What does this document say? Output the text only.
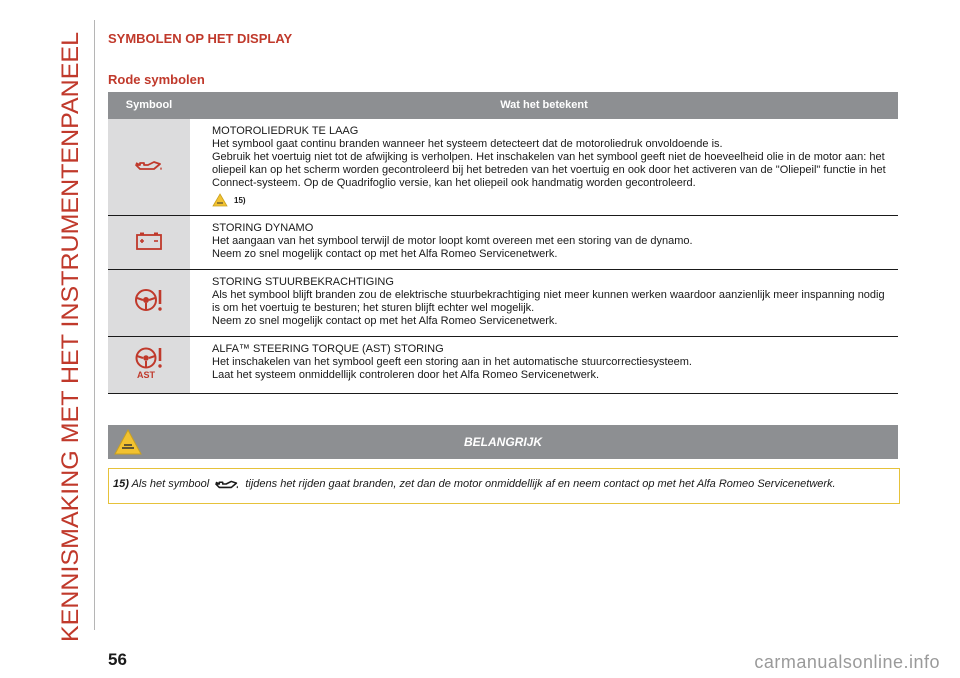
KENNISMAKING MET HET INSTRUMENTENPANEEL
SYMBOLEN OP HET DISPLAY
Rode symbolen
Symbool	Wat het betekent

MOTOROLIEDRUK TE LAAG
Het symbool gaat continu branden wanneer het systeem detecteert dat de motoroliedruk onvoldoende is.
Gebruik het voertuig niet tot de afwijking is verholpen. Het inschakelen van het symbool geeft niet de hoeveelheid olie in de motor aan: het oliepeil kan op het scherm worden gecontroleerd bij het betreden van het voertuig en ook door het activeren van de "Oliepeil" functie in het Connect-systeem. Op de Quadrifoglio versie, kan het oliepeil ook handmatig worden gecontroleerd.
15)

STORING DYNAMO
Het aangaan van het symbool terwijl de motor loopt komt overeen met een storing van de dynamo.
Neem zo snel mogelijk contact op met het Alfa Romeo Servicenetwerk.

STORING STUURBEKRACHTIGING
Als het symbool blijft branden zou de elektrische stuurbekrachtiging niet meer kunnen werken waardoor aanzienlijk meer inspanning nodig is om het voertuig te besturen; het sturen blijft echter wel mogelijk.
Neem zo snel mogelijk contact op met het Alfa Romeo Servicenetwerk.

AST	ALFA™ STEERING TORQUE (AST) STORING
Het inschakelen van het symbool geeft een storing aan in het automatische stuurcorrectiesysteem.
Laat het systeem onmiddellijk controleren door het Alfa Romeo Servicenetwerk.
BELANGRIJK
15) Als het symbool	tijdens het rijden gaat branden, zet dan de motor onmiddellijk af en neem contact op met het Alfa Romeo Servicenetwerk.
56	carmanualsonline.info
